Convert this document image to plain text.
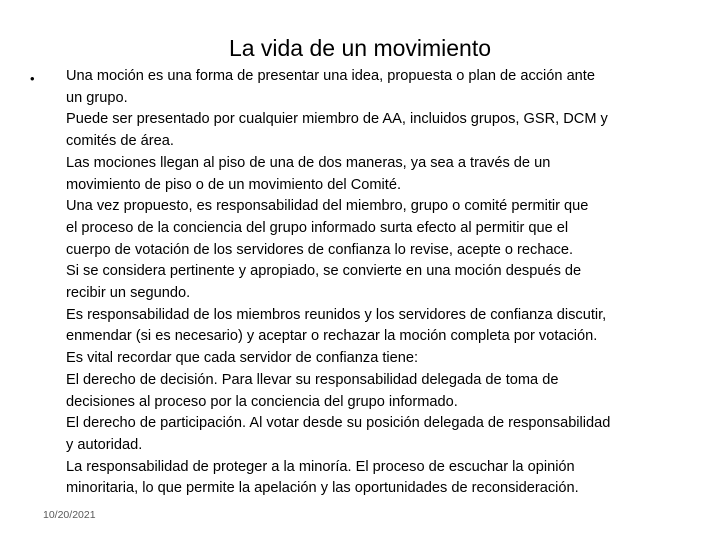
La vida de un movimiento
• Una moción es una forma de presentar una idea, propuesta o plan de acción ante
un grupo.
Puede ser presentado por cualquier miembro de AA, incluidos grupos, GSR, DCM y
comités de área.
Las mociones llegan al piso de una de dos maneras, ya sea a través de un
movimiento de piso o de un movimiento del Comité.
Una vez propuesto, es responsabilidad del miembro, grupo o comité permitir que
el proceso de la conciencia del grupo informado surta efecto al permitir que el
cuerpo de votación de los servidores de confianza lo revise, acepte o rechace.
Si se considera pertinente y apropiado, se convierte en una moción después de
recibir un segundo.
Es responsabilidad de los miembros reunidos y los servidores de confianza discutir,
enmendar (si es necesario) y aceptar o rechazar la moción completa por votación.
Es vital recordar que cada servidor de confianza tiene:
El derecho de decisión. Para llevar su responsabilidad delegada de toma de
decisiones al proceso por la conciencia del grupo informado.
El derecho de participación. Al votar desde su posición delegada de responsabilidad
y autoridad.
La responsabilidad de proteger a la minoría. El proceso de escuchar la opinión
minoritaria, lo que permite la apelación y las oportunidades de reconsideración.
10/20/2021
